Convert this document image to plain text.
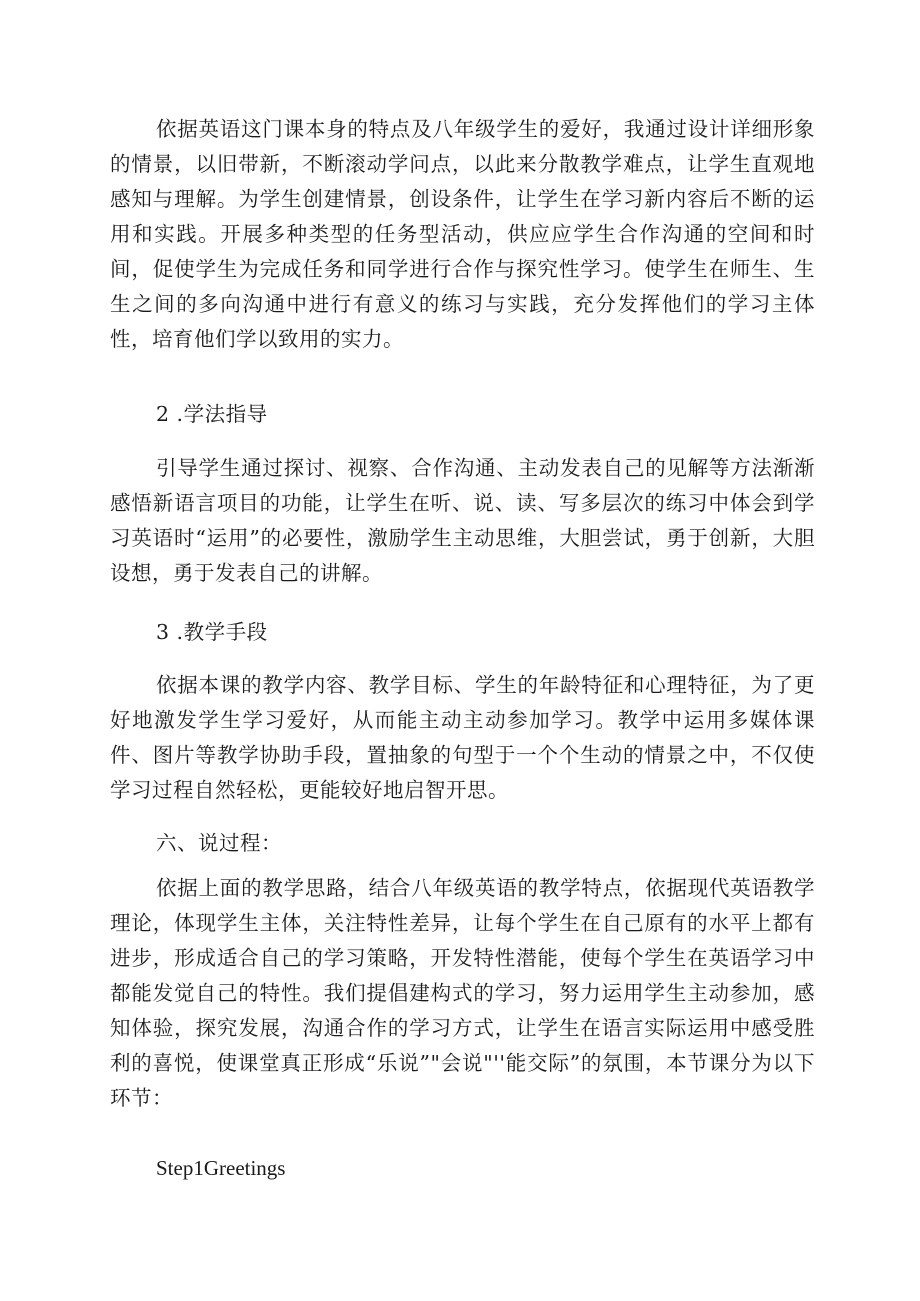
依据英语这门课本身的特点及八年级学生的爱好，我通过设计详细形象的情景，以旧带新，不断滚动学问点，以此来分散教学难点，让学生直观地感知与理解。为学生创建情景，创设条件，让学生在学习新内容后不断的运用和实践。开展多种类型的任务型活动，供应应学生合作沟通的空间和时间，促使学生为完成任务和同学进行合作与探究性学习。使学生在师生、生生之间的多向沟通中进行有意义的练习与实践，充分发挥他们的学习主体性，培育他们学以致用的实力。
2 .学法指导
引导学生通过探讨、视察、合作沟通、主动发表自己的见解等方法渐渐感悟新语言项目的功能，让学生在听、说、读、写多层次的练习中体会到学习英语时“运用”的必要性，激励学生主动思维，大胆尝试，勇于创新，大胆设想，勇于发表自己的讲解。
3 .教学手段
依据本课的教学内容、教学目标、学生的年龄特征和心理特征，为了更好地激发学生学习爱好，从而能主动主动参加学习。教学中运用多媒体课件、图片等教学协助手段，置抽象的句型于一个个生动的情景之中，不仅使学习过程自然轻松，更能较好地启智开思。
六、说过程：
依据上面的教学思路，结合八年级英语的教学特点，依据现代英语教学理论，体现学生主体，关注特性差异，让每个学生在自己原有的水平上都有进步，形成适合自己的学习策略，开发特性潜能，使每个学生在英语学习中都能发觉自己的特性。我们提倡建构式的学习，努力运用学生主动参加，感知体验，探究发展，沟通合作的学习方式，让学生在语言实际运用中感受胜利的喜悦，使课堂真正形成“乐说”"会说"''能交际”的氛围，本节课分为以下环节：
Step1Greetings
